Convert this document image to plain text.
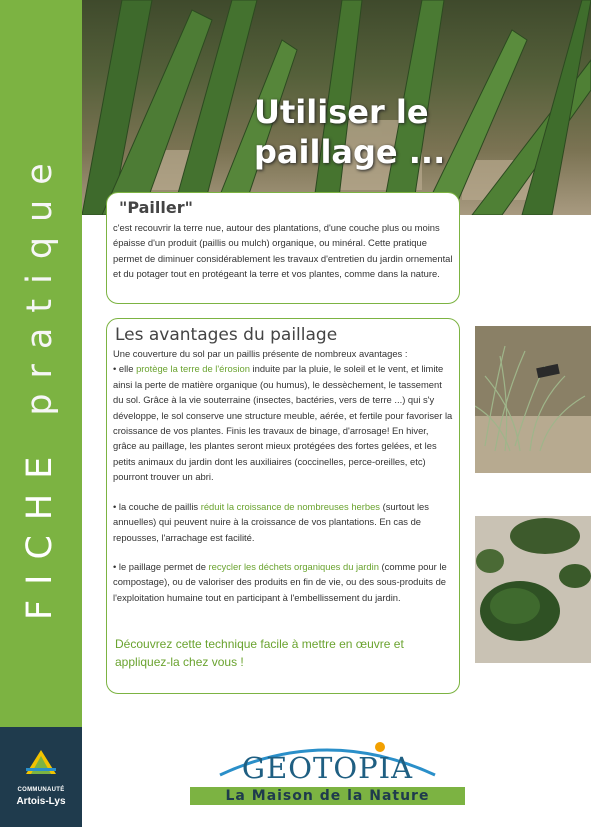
FICHEpratique
COMMUNAUTÉ
Artois-Lys
Utiliser le
paillage ...
"Pailler"

c'est recouvrir la terre nue, autour des plantations, d'une couche plus ou moins épaisse d'un produit (paillis ou mulch) organique, ou minéral. Cette pratique permet de diminuer considérablement les travaux d'entretien du jardin ornemental et du potager tout en protégeant la terre et vos plantes, comme dans la nature.

Les avantages du paillage

Une couverture du sol par un paillis présente de nombreux avantages :
• elle protège la terre de l'érosion induite par la pluie, le soleil et le vent, et limite ainsi la perte de matière organique (ou humus), le dessèchement, le tassement du sol. Grâce à la vie souterraine (insectes, bactéries, vers de terre ...) qui s'y développe, le sol conserve une structure meuble, aérée, et fertile pour favoriser la croissance de vos plantes. Finis les travaux de binage, d'arrosage! En hiver, grâce au paillage, les plantes seront mieux protégées des fortes gelées, et les petits animaux du jardin dont les auxiliaires (coccinelles, perce-oreilles, etc) pourront trouver un abri.

• la couche de paillis réduit la croissance de nombreuses herbes (surtout les annuelles) qui peuvent nuire à la croissance de vos plantations. En cas de repousses, l'arrachage est facilité.

• le paillage permet de recycler les déchets organiques du jardin (comme pour le compostage), ou de valoriser des produits en fin de vie, ou des sous-produits de l'exploitation humaine tout en participant à l'embellissement du jardin.

Découvrez cette technique facile à mettre en œuvre et appliquez-la chez vous !

GEOTOPIA
La Maison de la Nature
